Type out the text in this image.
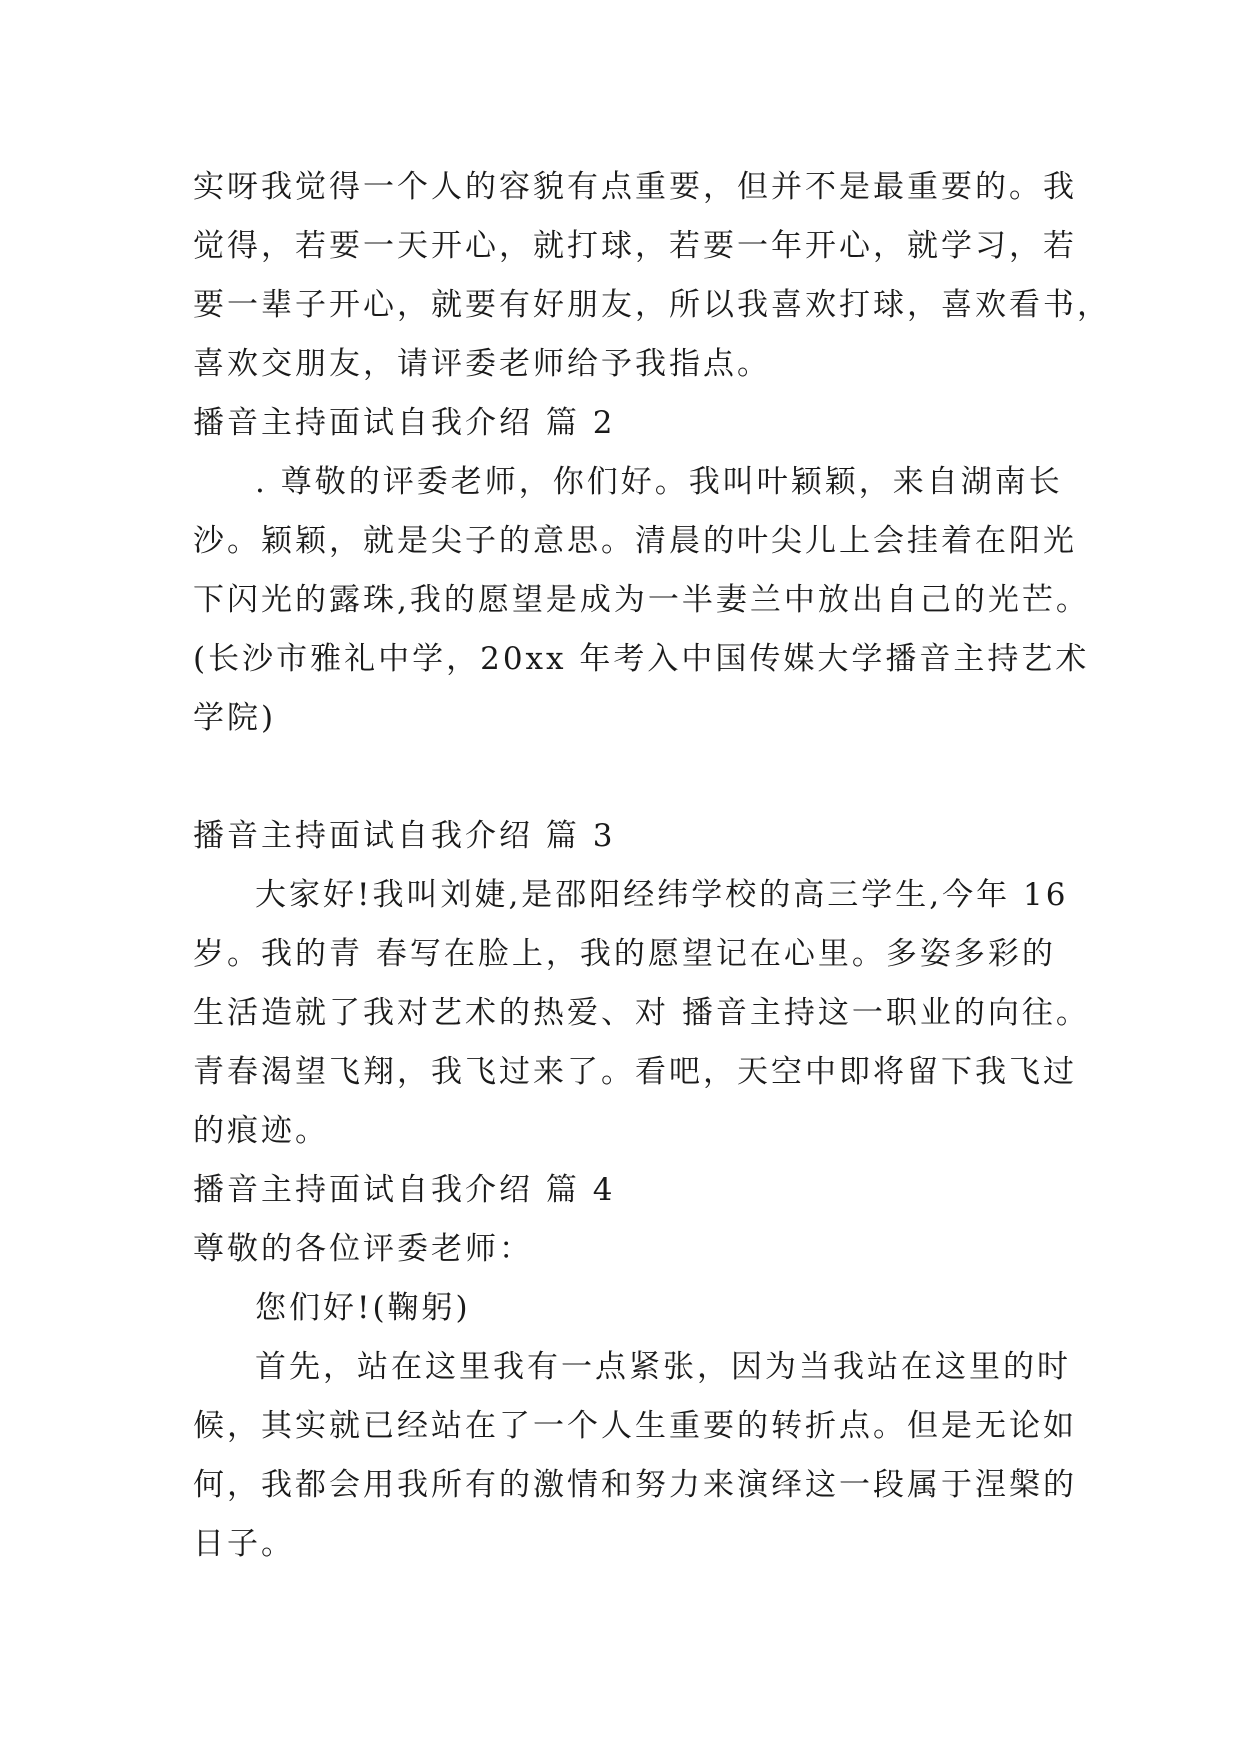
实呀我觉得一个人的容貌有点重要，但并不是最重要的。我
觉得，若要一天开心，就打球，若要一年开心，就学习，若
要一辈子开心，就要有好朋友，所以我喜欢打球，喜欢看书，
喜欢交朋友，请评委老师给予我指点。
播音主持面试自我介绍 篇 2
. 尊敬的评委老师，你们好。我叫叶颖颖，来自湖南长
沙。颖颖，就是尖子的意思。清晨的叶尖儿上会挂着在阳光
下闪光的露珠,我的愿望是成为一半妻兰中放出自己的光芒。
(长沙市雅礼中学，20xx 年考入中国传媒大学播音主持艺术
学院)
播音主持面试自我介绍 篇 3
大家好!我叫刘婕,是邵阳经纬学校的高三学生,今年 16
岁。我的青 春写在脸上，我的愿望记在心里。多姿多彩的
生活造就了我对艺术的热爱、对 播音主持这一职业的向往。
青春渴望飞翔，我飞过来了。看吧，天空中即将留下我飞过
的痕迹。
播音主持面试自我介绍 篇 4
尊敬的各位评委老师：
您们好!(鞠躬)
首先，站在这里我有一点紧张，因为当我站在这里的时
候，其实就已经站在了一个人生重要的转折点。但是无论如
何，我都会用我所有的激情和努力来演绎这一段属于涅槃的
日子。
